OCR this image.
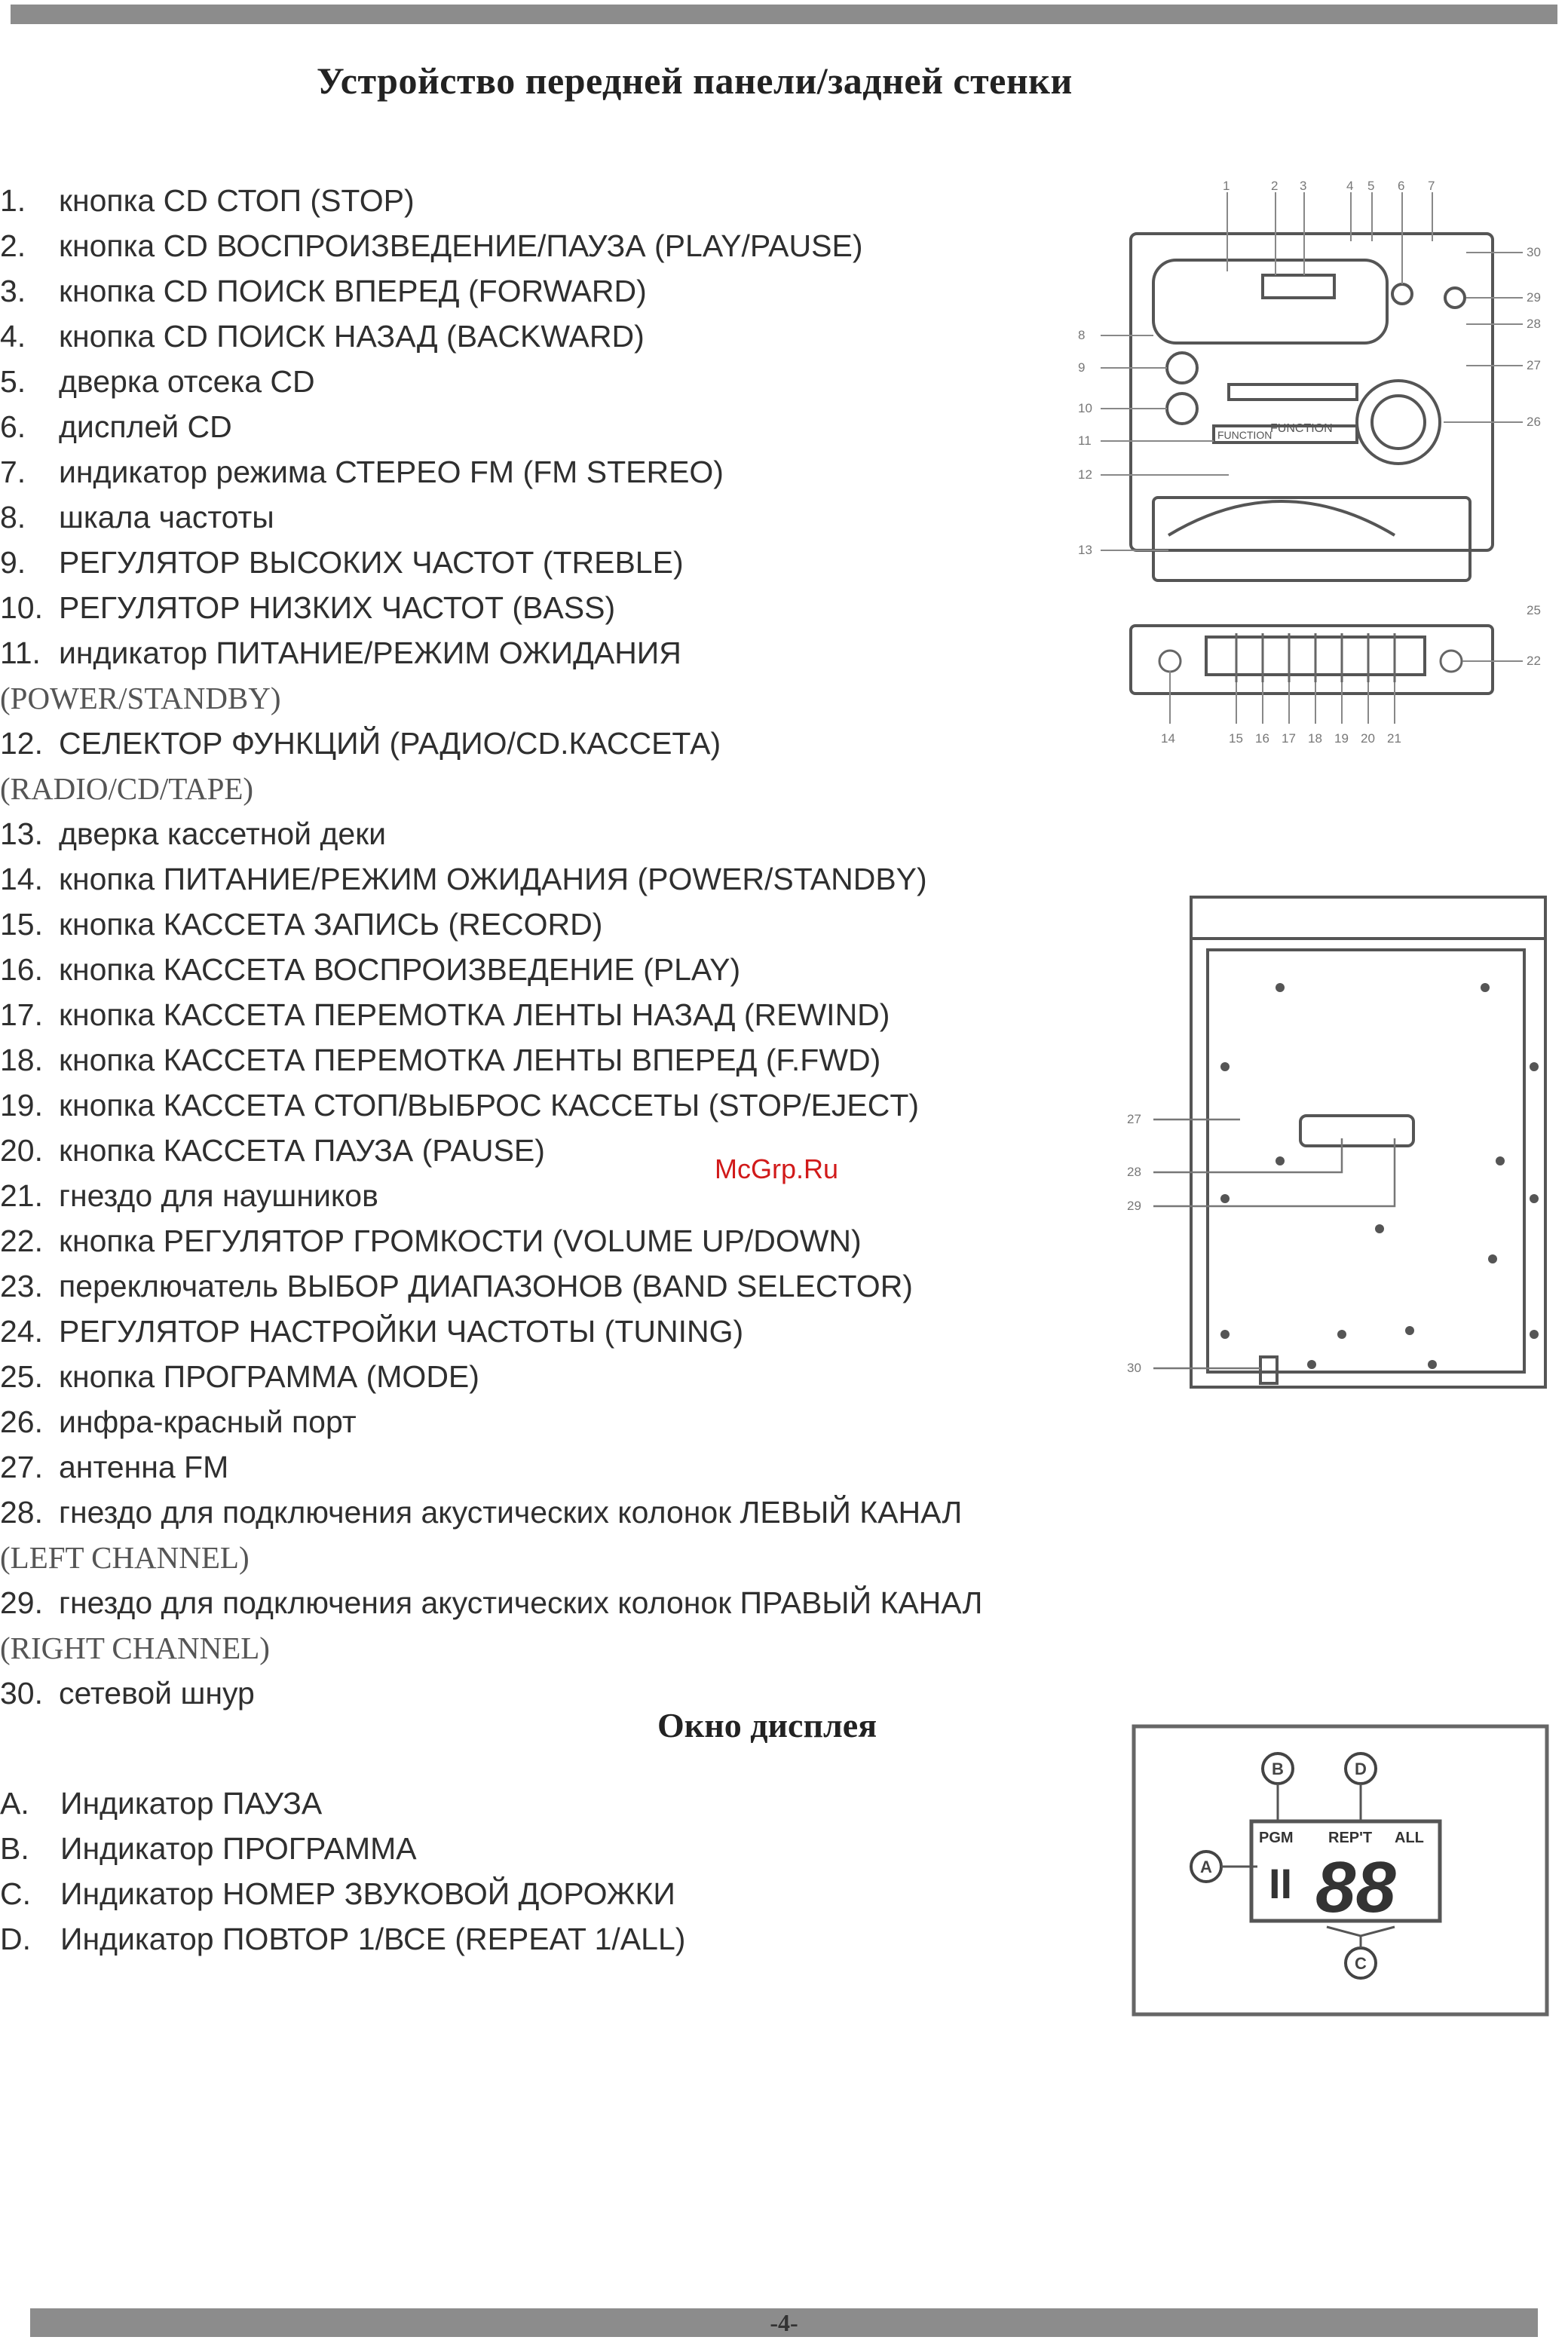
Устройство передней панели/задней стенки
1. кнопка CD СТОП (STOP)
2. кнопка CD ВОСПРОИЗВЕДЕНИЕ/ПАУЗА (PLAY/PAUSE)
3. кнопка CD ПОИСК ВПЕРЕД (FORWARD)
4. кнопка CD ПОИСК НАЗАД (BACKWARD)
5. дверка отсека CD
6. дисплей CD
7. индикатор режима СТЕРЕО FM (FM STEREO)
8. шкала частоты
9. РЕГУЛЯТОР ВЫСОКИХ ЧАСТОТ (TREBLE)
10. РЕГУЛЯТОР НИЗКИХ ЧАСТОТ (BASS)
11. индикатор ПИТАНИЕ/РЕЖИМ ОЖИДАНИЯ
(POWER/STANDBY)
12. СЕЛЕКТОР ФУНКЦИЙ (РАДИО/CD.КАССЕТА)
(RADIO/CD/TAPE)
13. дверка кассетной деки
14. кнопка ПИТАНИЕ/РЕЖИМ ОЖИДАНИЯ (POWER/STANDBY)
15. кнопка КАССЕТА ЗАПИСЬ (RECORD)
16. кнопка КАССЕТА ВОСПРОИЗВЕДЕНИЕ (PLAY)
17. кнопка КАССЕТА ПЕРЕМОТКА ЛЕНТЫ НАЗАД (REWIND)
18. кнопка КАССЕТА ПЕРЕМОТКА ЛЕНТЫ ВПЕРЕД (F.FWD)
19. кнопка КАССЕТА СТОП/ВЫБРОС КАССЕТЫ (STOP/EJECT)
20. кнопка КАССЕТА ПАУЗА (PAUSE)
21. гнездо для наушников
22. кнопка РЕГУЛЯТОР ГРОМКОСТИ (VOLUME UP/DOWN)
23. переключатель ВЫБОР ДИАПАЗОНОВ (BAND SELECTOR)
24. РЕГУЛЯТОР НАСТРОЙКИ ЧАСТОТЫ (TUNING)
25. кнопка ПРОГРАММА (MODE)
26. инфра-красный порт
27. антенна FM
28. гнездо для подключения акустических колонок ЛЕВЫЙ КАНАЛ
(LEFT CHANNEL)
29. гнездо для подключения акустических колонок ПРАВЫЙ КАНАЛ
(RIGHT CHANNEL)
30. сетевой шнур
McGrp.Ru
FUNCTION
FUNCTION
1	2 3	4 5 6 7
30
29
28
27
26
25
22
8
9
10
11
12
13
14	15 16 17 18 19 20 21
27
28
29
30
Окно дисплея
A. Индикатор ПАУЗА
B. Индикатор ПРОГРАММА
C. Индикатор НОМЕР ЗВУКОВОЙ ДОРОЖКИ
D. Индикатор ПОВТОР 1/ВСЕ (REPEAT 1/ALL)
PGM REP'T ALL
II 88
B	D
A
C
-4-
